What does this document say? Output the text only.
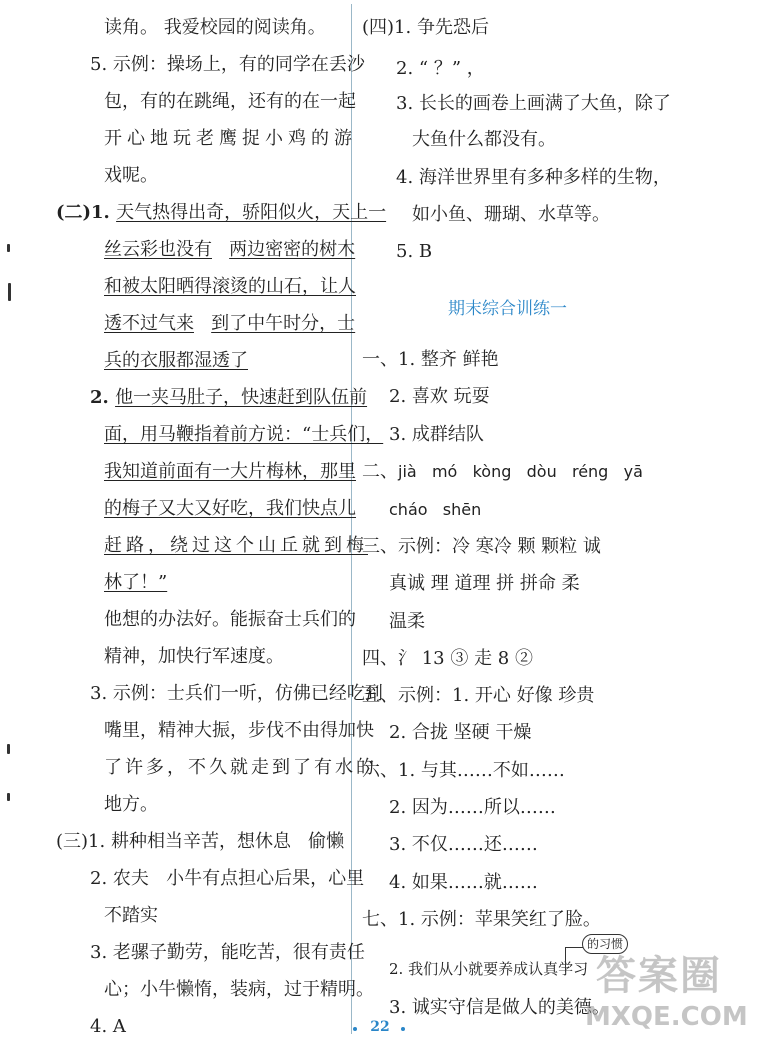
读角。 我爱校园的阅读角。
5. 示例：操场上，有的同学在丢沙
包，有的在跳绳，还有的在一起
开心地玩老鹰捉小鸡的游
戏呢。
(二)1. 天气热得出奇，骄阳似火，天上一
丝云彩也没有 两边密密的树木
和被太阳晒得滚烫的山石，让人
透不过气来 到了中午时分，士
兵的衣服都湿透了
2. 他一夹马肚子，快速赶到队伍前
面，用马鞭指着前方说：“士兵们，
我知道前面有一大片梅林，那里
的梅子又大又好吃，我们快点儿
赶路，绕过这个山丘就到梅
林了！”
他想的办法好。能振奋士兵们的
精神，加快行军速度。
3. 示例：士兵们一听，仿佛已经吃到
嘴里，精神大振，步伐不由得加快
了许多，不久就走到了有水的
地方。
(三)1. 耕种相当辛苦，想休息 偷懒
2. 农夫 小牛有点担心后果，心里
不踏实
3. 老骡子勤劳，能吃苦，很有责任
心；小牛懒惰，装病，过于精明。
4. A
(四)1. 争先恐后
2. “ ？” ，
3. 长长的画卷上画满了大鱼，除了
大鱼什么都没有。
4. 海洋世界里有多种多样的生物，
如小鱼、珊瑚、水草等。
5. B
期末综合训练一
一、1. 整齐 鲜艳
2. 喜欢 玩耍
3. 成群结队
二、jià   mó   kòng   dòu   réng   yā
cháo   shēn
三、示例：冷 寒冷 颗 颗粒 诚
真诚 理 道理 拼 拼命 柔
温柔
四、氵 13 ③ 走 8 ②
五、示例：1. 开心 好像 珍贵
2. 合拢 坚硬 干燥
六、1. 与其……不如……
2. 因为……所以……
3. 不仅……还……
4. 如果……就……
七、1. 示例：苹果笑红了脸。
2. 我们从小就要养成认真学习
的习惯
3. 诚实守信是做人的美德。
答案圈
MXQE.COM
22
